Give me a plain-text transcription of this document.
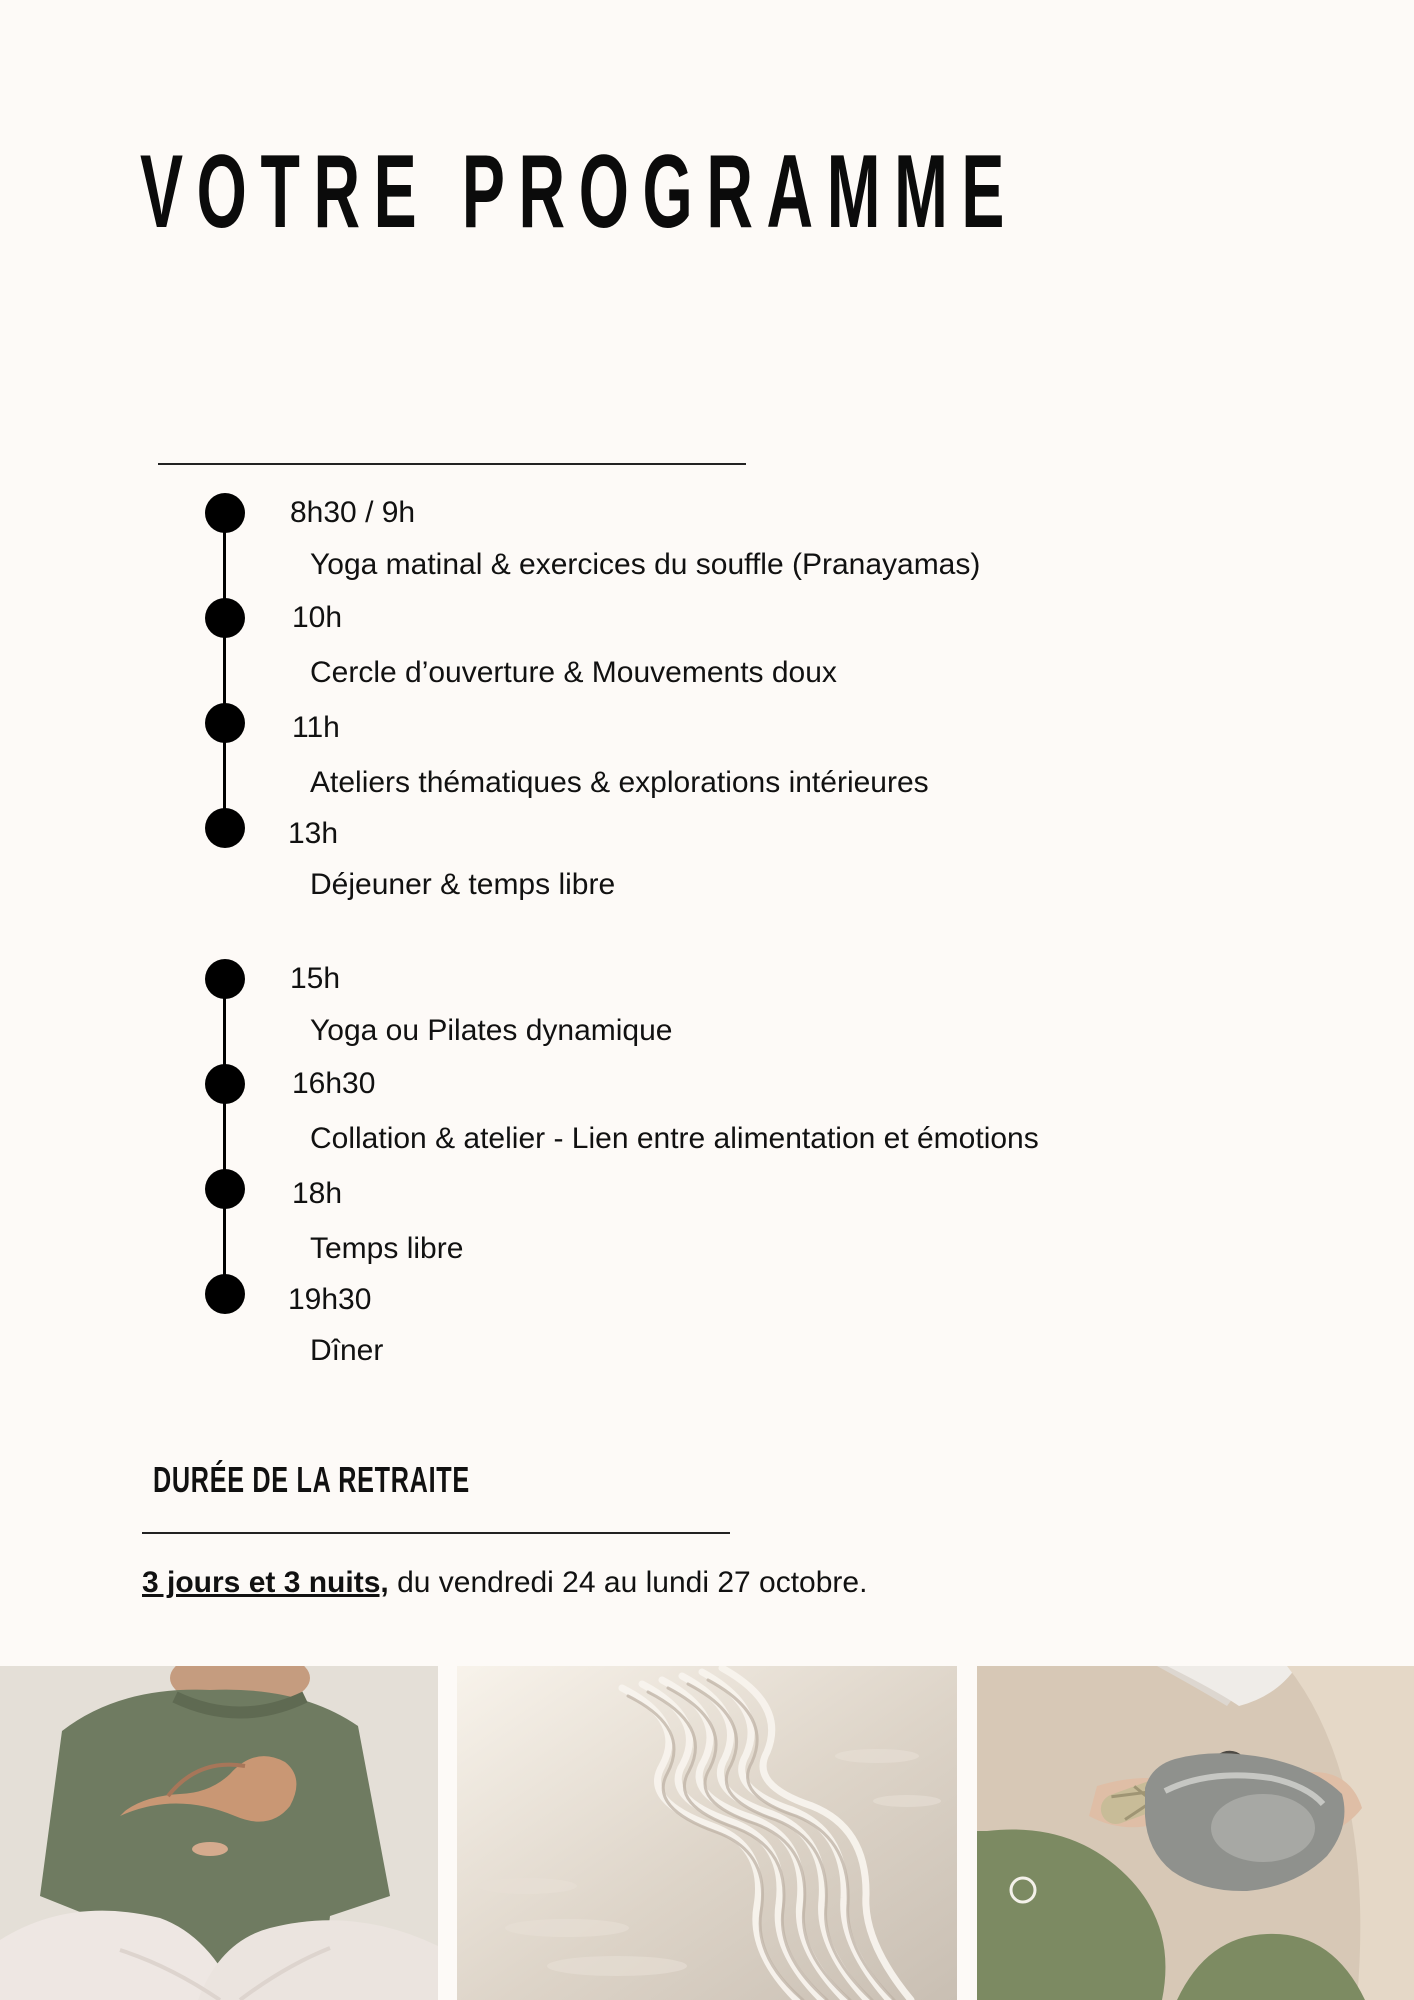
VOTRE PROGRAMME
8h30 / 9h
Yoga matinal & exercices du souffle (Pranayamas)
10h
Cercle d’ouverture & Mouvements doux
11h
Ateliers thématiques & explorations intérieures
13h
Déjeuner & temps libre
15h
Yoga ou Pilates dynamique
16h30
Collation & atelier - Lien entre alimentation et émotions
18h
Temps libre
19h30
Dîner
DURÉE DE LA RETRAITE
3 jours et 3 nuits, du vendredi 24 au lundi 27 octobre.
